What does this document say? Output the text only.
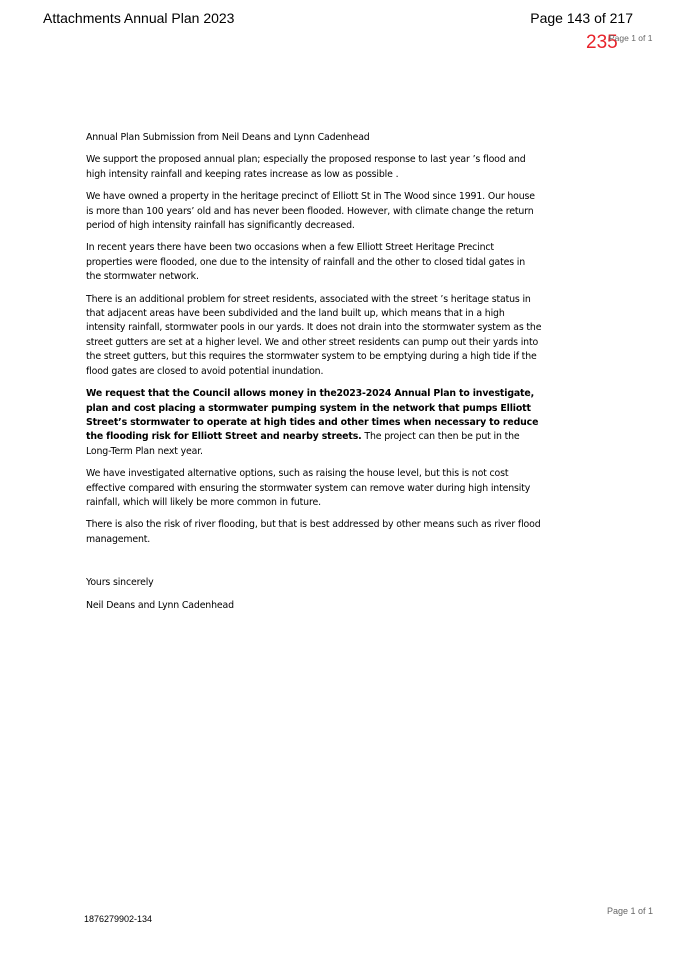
Attachments Annual Plan 2023	Page 143 of 217
235
Page 1 of 1

Annual Plan Submission from Neil Deans and Lynn Cadenhead

We support the proposed annual plan; especially the proposed response to last year ’s flood and high intensity rainfall and keeping rates increase as low as possible .

We have owned a property in the heritage precinct of Elliott St in The Wood since 1991. Our house is more than 100 years’ old and has never been flooded. However, with climate change the return period of high intensity rainfall has significantly decreased.

In recent years there have been two occasions when a few Elliott Street Heritage Precinct properties were flooded, one due to the intensity of rainfall and the other to closed tidal gates in the stormwater network.

There is an additional problem for street residents, associated with the street ’s heritage status in that adjacent areas have been subdivided and the land built up, which means that in a high intensity rainfall, stormwater pools in our yards. It does not drain into the stormwater system as the street gutters are set at a higher level. We and other street residents can pump out their yards into the street gutters, but this requires the stormwater system to be emptying during a high tide if the flood gates are closed to avoid potential inundation.

We request that the Council allows money in the2023-2024 Annual Plan to investigate, plan and cost placing a stormwater pumping system in the network that pumps Elliott Street’s stormwater to operate at high tides and other times when necessary to reduce the flooding risk for Elliott Street and nearby streets. The project can then be put in the Long-Term Plan next year.

We have investigated alternative options, such as raising the house level, but this is not cost effective compared with ensuring the stormwater system can remove water during high intensity rainfall, which will likely be more common in future.

There is also the risk of river flooding, but that is best addressed by other means such as river flood management.

Yours sincerely

Neil Deans and Lynn Cadenhead

Page 1 of 1
1876279902-134
